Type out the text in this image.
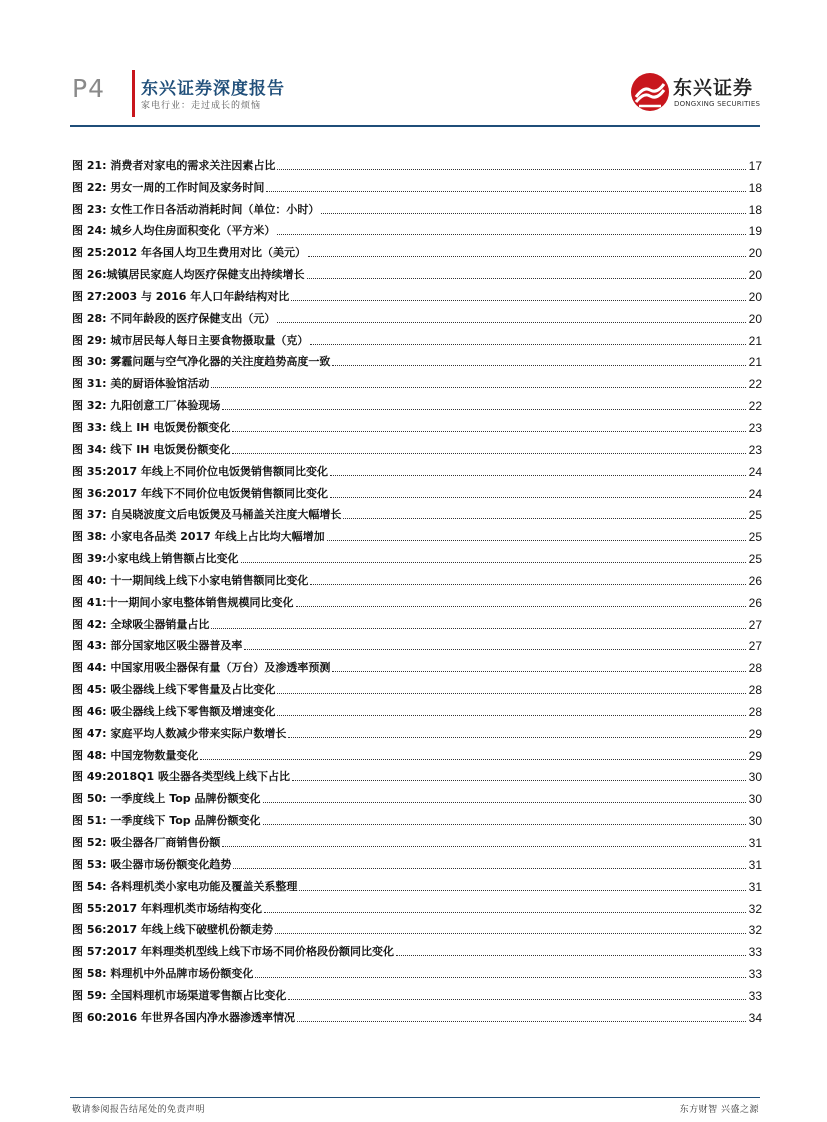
P4 东兴证券深度报告
家电行业：走过成长的烦恼
东兴证券
DONGXING SECURITIES
图 21: 消费者对家电的需求关注因素占比	17
图 22: 男女一周的工作时间及家务时间	18
图 23: 女性工作日各活动消耗时间（单位：小时）	18
图 24: 城乡人均住房面积变化（平方米）	19
图 25:2012 年各国人均卫生费用对比（美元）	20
图 26:城镇居民家庭人均医疗保健支出持续增长	20
图 27:2003 与 2016 年人口年龄结构对比	20
图 28: 不同年龄段的医疗保健支出（元）	20
图 29: 城市居民每人每日主要食物摄取量（克）	21
图 30: 雾霾问题与空气净化器的关注度趋势高度一致	21
图 31: 美的厨语体验馆活动	22
图 32: 九阳创意工厂体验现场	22
图 33: 线上 IH 电饭煲份额变化	23
图 34: 线下 IH 电饭煲份额变化	23
图 35:2017 年线上不同价位电饭煲销售额同比变化	24
图 36:2017 年线下不同价位电饭煲销售额同比变化	24
图 37: 自吴晓波度文后电饭煲及马桶盖关注度大幅增长	25
图 38: 小家电各品类 2017 年线上占比均大幅增加	25
图 39:小家电线上销售额占比变化	25
图 40: 十一期间线上线下小家电销售额同比变化	26
图 41:十一期间小家电整体销售规模同比变化	26
图 42: 全球吸尘器销量占比	27
图 43: 部分国家地区吸尘器普及率	27
图 44: 中国家用吸尘器保有量（万台）及渗透率预测	28
图 45: 吸尘器线上线下零售量及占比变化	28
图 46: 吸尘器线上线下零售额及增速变化	28
图 47: 家庭平均人数减少带来实际户数增长	29
图 48: 中国宠物数量变化	29
图 49:2018Q1 吸尘器各类型线上线下占比	30
图 50: 一季度线上 Top 品牌份额变化	30
图 51: 一季度线下 Top 品牌份额变化	30
图 52: 吸尘器各厂商销售份额	31
图 53: 吸尘器市场份额变化趋势	31
图 54: 各料理机类小家电功能及覆盖关系整理	31
图 55:2017 年料理机类市场结构变化	32
图 56:2017 年线上线下破壁机份额走势	32
图 57:2017 年料理类机型线上线下市场不同价格段份额同比变化	33
图 58: 料理机中外品牌市场份额变化	33
图 59: 全国料理机市场渠道零售额占比变化	33
图 60:2016 年世界各国内净水器渗透率情况	34
敬请参阅报告结尾处的免责声明	东方财智 兴盛之源
